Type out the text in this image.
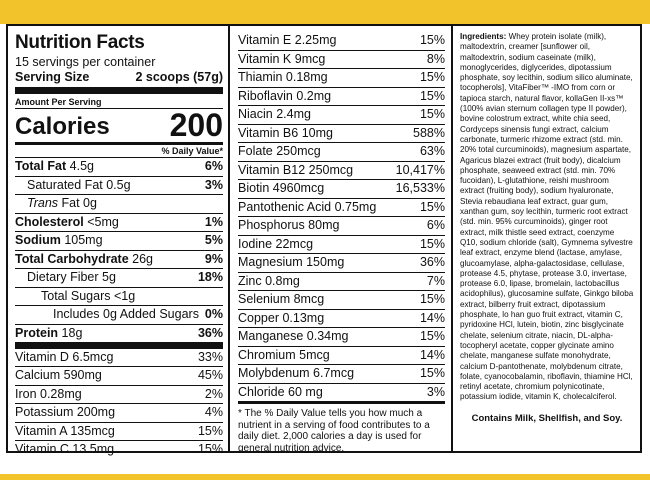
Nutrition Facts
15 servings per container
Serving Size	2 scoops (57g)
Amount Per Serving
Calories 200
% Daily Value*
Total Fat 4.5g	6%
Saturated Fat 0.5g	3%
Trans Fat 0g
Cholesterol <5mg	1%
Sodium 105mg	5%
Total Carbohydrate 26g	9%
Dietary Fiber 5g	18%
Total Sugars <1g
Includes 0g Added Sugars 0%
Protein 18g	36%
Vitamin D 6.5mcg	33%
Calcium 590mg	45%
Iron 0.28mg	2%
Potassium 200mg	4%
Vitamin A 135mcg	15%
Vitamin C 13.5mg	15%
Vitamin E 2.25mg	15%
Vitamin K 9mcg	8%
Thiamin 0.18mg	15%
Riboflavin 0.2mg	15%
Niacin 2.4mg	15%
Vitamin B6 10mg	588%
Folate 250mcg	63%
Vitamin B12 250mcg	10,417%
Biotin 4960mcg	16,533%
Pantothenic Acid 0.75mg	15%
Phosphorus 80mg	6%
Iodine 22mcg	15%
Magnesium 150mg	36%
Zinc 0.8mg	7%
Selenium 8mcg	15%
Copper 0.13mg	14%
Manganese 0.34mg	15%
Chromium 5mcg	14%
Molybdenum 6.7mcg	15%
Chloride 60 mg	3%
* The % Daily Value tells you how much a nutrient in a serving of food contributes to a daily diet. 2,000 calories a day is used for general nutrition advice.
Ingredients: Whey protein isolate (milk), maltodextrin, creamer [sunflower oil, maltodextrin, sodium caseinate (milk), monoglycerides, diglycerides, dipotassium phosphate, soy lecithin, sodium silico aluminate, tocopherols], VitaFiber™ -IMO from corn or tapioca starch, natural flavor, kollaGen II-xs™ (100% avian sternum collagen type II powder), bovine colostrum extract, white chia seed, Cordyceps sinensis fungi extract, calcium carbonate, turmeric rhizome extract (std. min. 20% total curcuminoids), magnesium aspartate, Agaricus blazei extract (fruit body), dicalcium phosphate, seaweed extract (std. min. 70% fucoidan), L-glutathione, reishi mushroom extract (fruiting body), sodium hyaluronate, Stevia rebaudiana leaf extract, guar gum, xanthan gum, soy lecithin, turmeric root extract (std. min. 95% curcuminoids), ginger root extract, milk thistle seed extract, coenzyme Q10, sodium chloride (salt), Gymnema sylvestre leaf extract, enzyme blend (lactase, amylase, glucoamylase, alpha-galactosidase, cellulase, protease 4.5, phytase, protease 3.0, invertase, protease 6.0, lipase, bromelain, lactobacillus acidophilus), glucosamine sulfate, Ginkgo biloba extract, bilberry fruit extract, dipotassium phosphate, lo han guo fruit extract, vitamin C, pyridoxine HCl, lutein, biotin, zinc bisglycinate chelate, selenium citrate, niacin, DL-alpha-tocopheryl acetate, copper glycinate amino chelate, manganese sulfate monohydrate, calcium D-pantothenate, molybdenum citrate, folate, cyanocobalamin, riboflavin, thiamine HCl, retinyl acetate, chromium polynicotinate, potassium iodide, vitamin K, cholecalciferol.
Contains Milk, Shellfish, and Soy.
